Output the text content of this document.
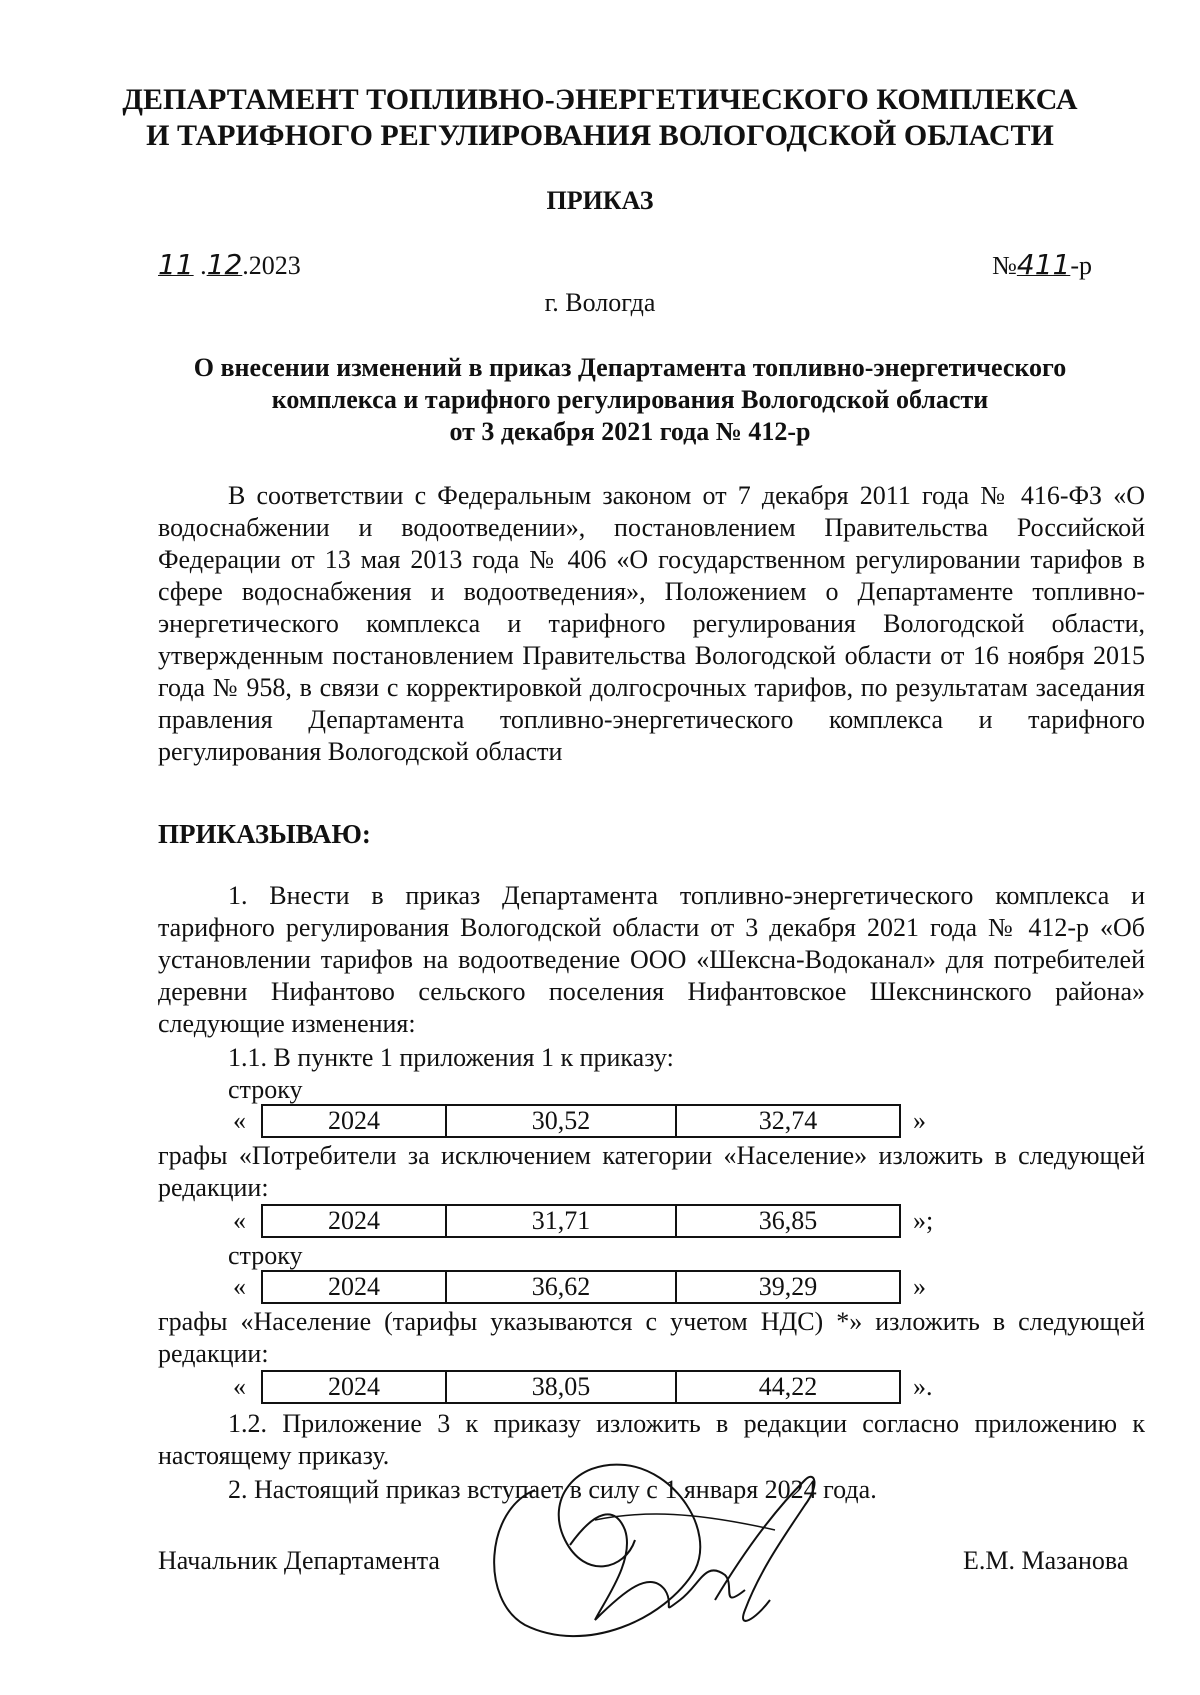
ДЕПАРТАМЕНТ ТОПЛИВНО-ЭНЕРГЕТИЧЕСКОГО КОМПЛЕКСА
И ТАРИФНОГО РЕГУЛИРОВАНИЯ ВОЛОГОДСКОЙ ОБЛАСТИ
ПРИКАЗ
11 .12.2023	№411-р
г. Вологда
О внесении изменений в приказ Департамента топливно-энергетического
комплекса и тарифного регулирования Вологодской области
от 3 декабря 2021 года № 412-р

В соответствии с Федеральным законом от 7 декабря 2011 года № 416-ФЗ «О водоснабжении и водоотведении», постановлением Правительства Российской Федерации от 13 мая 2013 года № 406 «О государственном регулировании тарифов в сфере водоснабжения и водоотведения», Положением о Департаменте топливно-энергетического комплекса и тарифного регулирования Вологодской области, утвержденным постановлением Правительства Вологодской области от 16 ноября 2015 года № 958, в связи с корректировкой долгосрочных тарифов, по результатам заседания правления Департамента топливно-энергетического комплекса и тарифного регулирования Вологодской области

ПРИКАЗЫВАЮ:

1. Внести в приказ Департамента топливно-энергетического комплекса и тарифного регулирования Вологодской области от 3 декабря 2021 года № 412-р «Об установлении тарифов на водоотведение ООО «Шексна-Водоканал» для потребителей деревни Нифантово сельского поселения Нифантовское Шекснинского района» следующие изменения:

1.1. В пункте 1 приложения 1 к приказу:
строку
«	2024	30,52	32,74	»

графы «Потребители за исключением категории «Население» изложить в следующей редакции:

«	2024	31,71	36,85	»;
строку
«	2024	36,62	39,29	»

графы «Население (тарифы указываются с учетом НДС) *» изложить в следующей редакции:

«	2024	38,05	44,22	».

1.2. Приложение 3 к приказу изложить в редакции согласно приложению к настоящему приказу.

2. Настоящий приказ вступает в силу с 1 января 2024 года.
Начальник Департамента	Е.М. Мазанова
